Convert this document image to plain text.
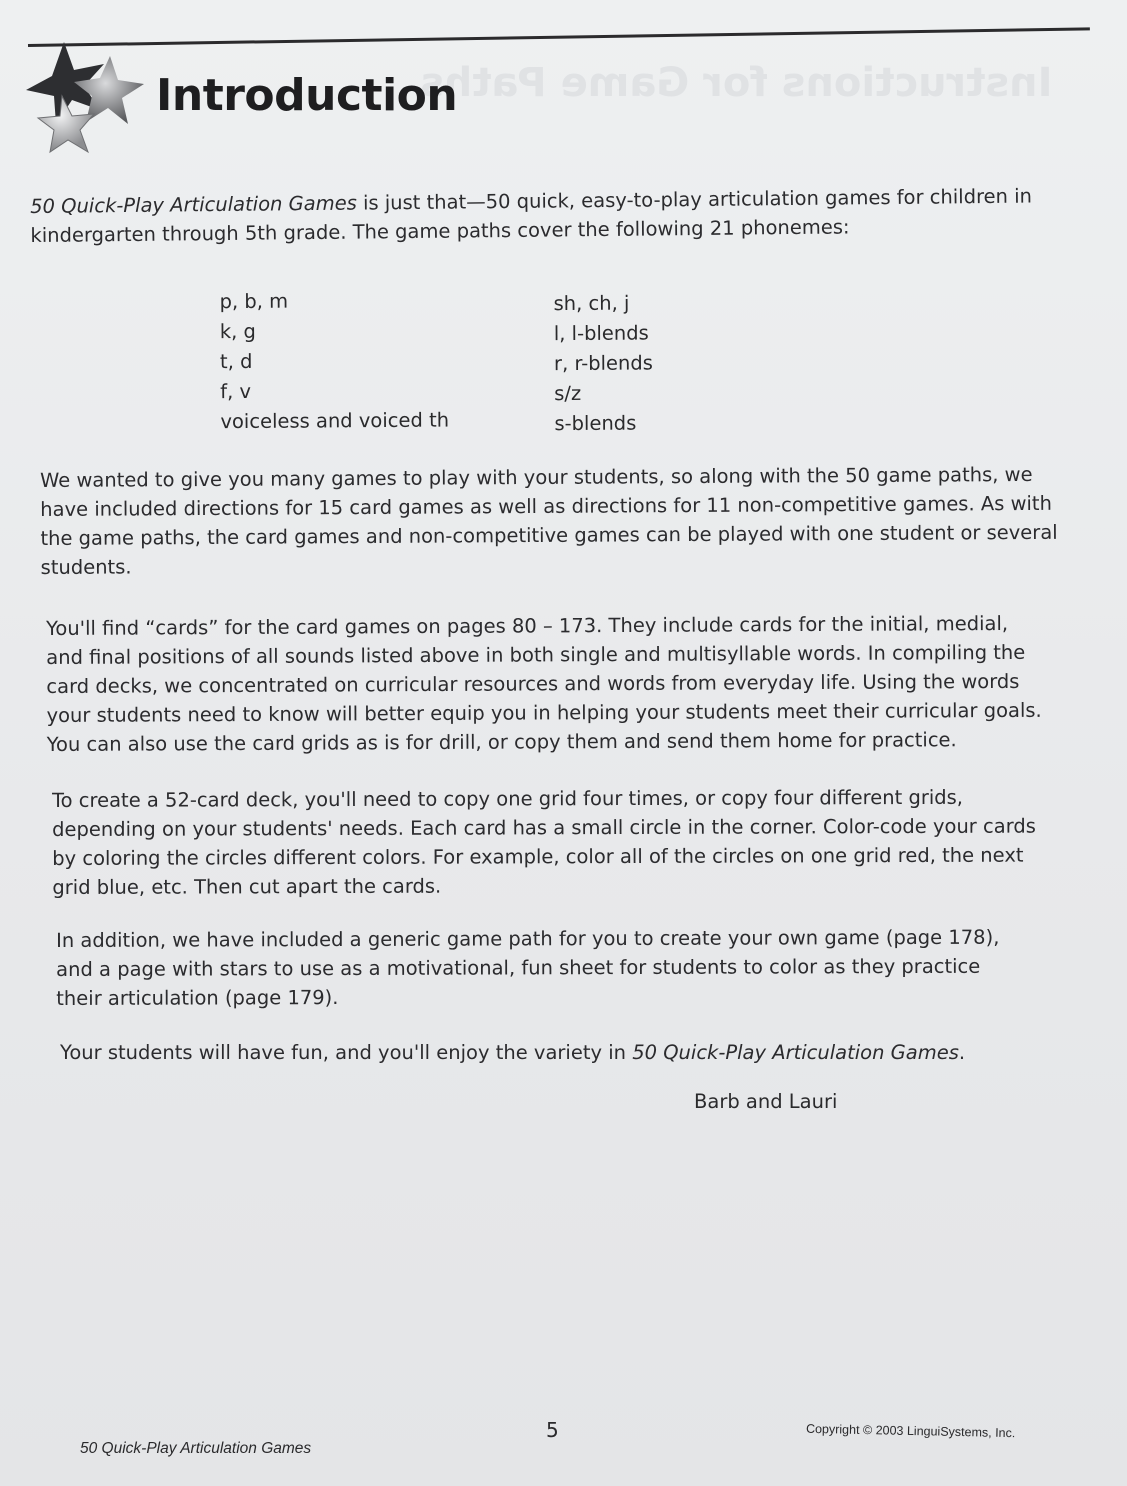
Instructions for Game Paths
Introduction
50 Quick-Play Articulation Games is just that—50 quick, easy-to-play articulation games for children in kindergarten through 5th grade. The game paths cover the following 21 phonemes:
p, b, m
k, g
t, d
f, v
voiceless and voiced th
sh, ch, j
l, l-blends
r, r-blends
s/z
s-blends
We wanted to give you many games to play with your students, so along with the 50 game paths, we have included directions for 15 card games as well as directions for 11 non-competitive games. As with the game paths, the card games and non-competitive games can be played with one student or several students.
You'll find “cards” for the card games on pages 80 – 173. They include cards for the initial, medial, and final positions of all sounds listed above in both single and multisyllable words. In compiling the card decks, we concentrated on curricular resources and words from everyday life. Using the words your students need to know will better equip you in helping your students meet their curricular goals. You can also use the card grids as is for drill, or copy them and send them home for practice.
To create a 52-card deck, you'll need to copy one grid four times, or copy four different grids, depending on your students' needs. Each card has a small circle in the corner. Color-code your cards by coloring the circles different colors. For example, color all of the circles on one grid red, the next grid blue, etc. Then cut apart the cards.
In addition, we have included a generic game path for you to create your own game (page 178), and a page with stars to use as a motivational, fun sheet for students to color as they practice their articulation (page 179).
Your students will have fun, and you'll enjoy the variety in 50 Quick-Play Articulation Games.
Barb and Lauri
5
50 Quick-Play Articulation Games
Copyright © 2003 LinguiSystems, Inc.
